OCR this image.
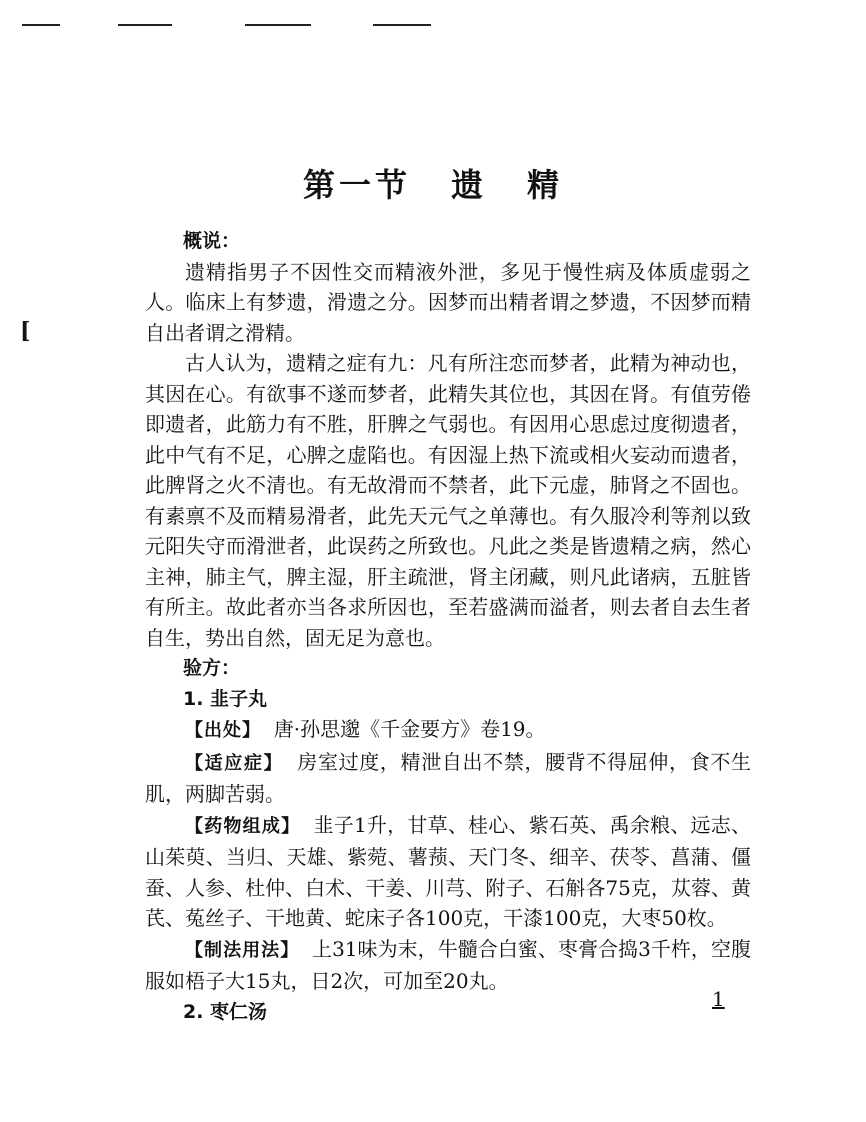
[
第一节 遗 精

概说：

遗精指男子不因性交而精液外泄，多见于慢性病及体质虚弱之人。临床上有梦遗，滑遗之分。因梦而出精者谓之梦遗，不因梦而精自出者谓之滑精。

古人认为，遗精之症有九：凡有所注恋而梦者，此精为神动也，其因在心。有欲事不遂而梦者，此精失其位也，其因在肾。有值劳倦即遗者，此筋力有不胜，肝脾之气弱也。有因用心思虑过度彻遗者，此中气有不足，心脾之虚陷也。有因湿上热下流或相火妄动而遗者，此脾肾之火不清也。有无故滑而不禁者，此下元虚，肺肾之不固也。有素禀不及而精易滑者，此先天元气之单薄也。有久服冷利等剂以致元阳失守而滑泄者，此误药之所致也。凡此之类是皆遗精之病，然心主神，肺主气，脾主湿，肝主疏泄，肾主闭藏，则凡此诸病，五脏皆有所主。故此者亦当各求所因也，至若盛满而溢者，则去者自去生者自生，势出自然，固无足为意也。

验方：

1. 韭子丸

【出处】 唐·孙思邈《千金要方》卷19。

【适应症】 房室过度，精泄自出不禁，腰背不得屈伸，食不生肌，两脚苦弱。

【药物组成】 韭子1升，甘草、桂心、紫石英、禹余粮、远志、山茱萸、当归、天雄、紫菀、薯蓣、天门冬、细辛、茯苓、菖蒲、僵蚕、人参、杜仲、白术、干姜、川芎、附子、石斛各75克，苁蓉、黄芪、菟丝子、干地黄、蛇床子各100克，干漆100克，大枣50枚。

【制法用法】 上31味为末，牛髓合白蜜、枣膏合捣3千杵，空腹服如梧子大15丸，日2次，可加至20丸。

2. 枣仁汤

1
